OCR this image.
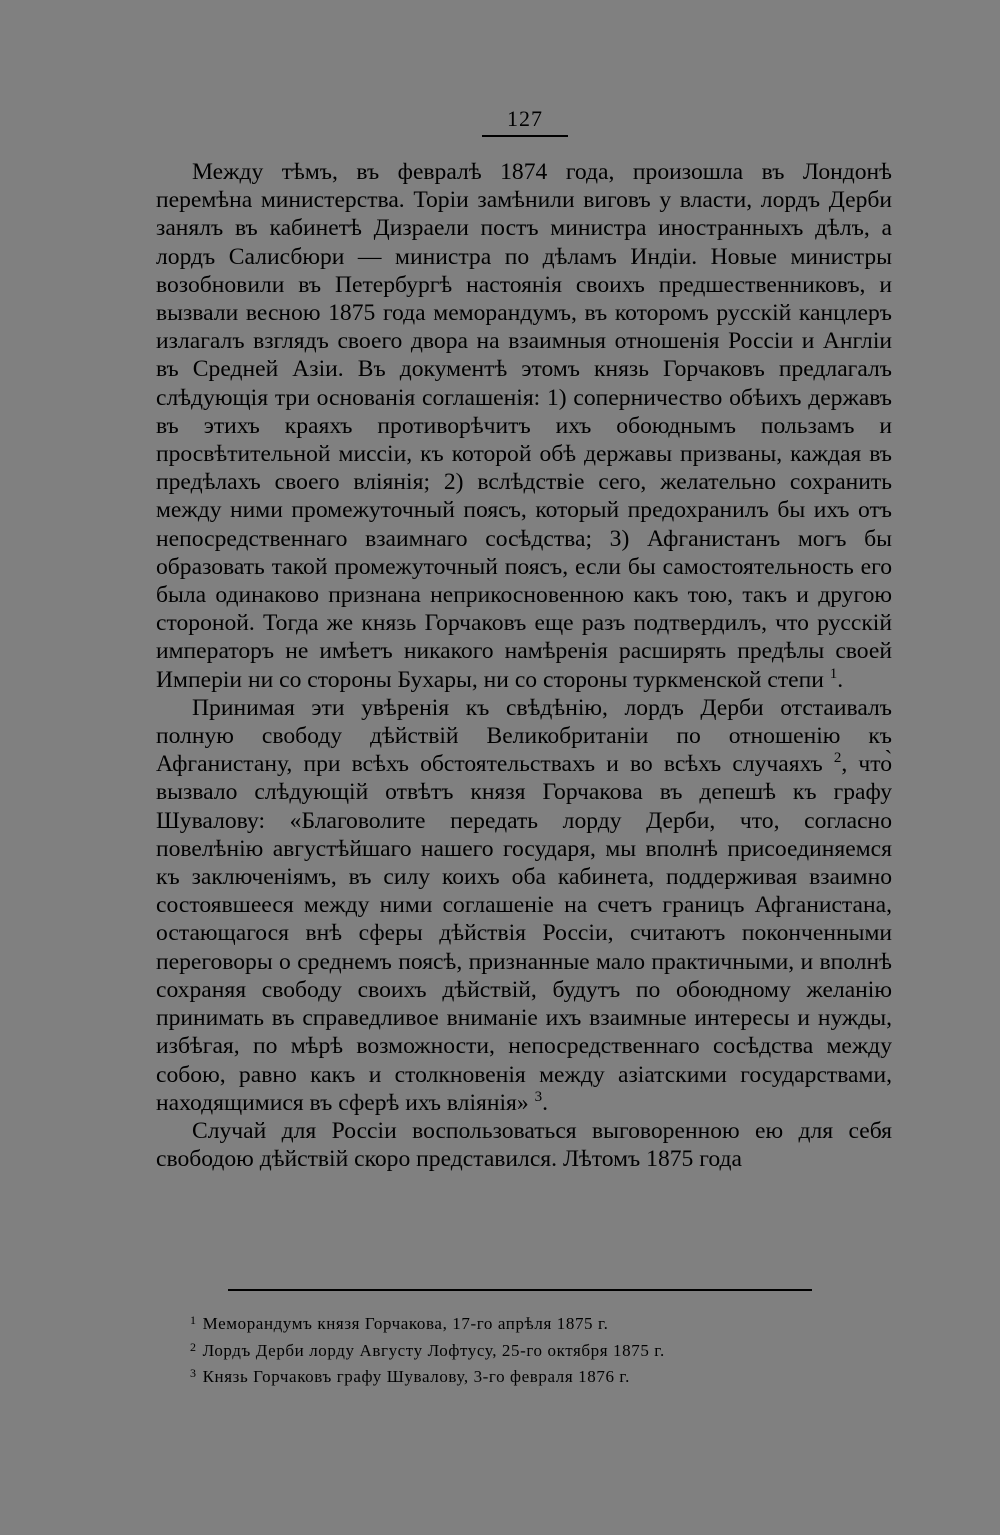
127

Между тѣмъ, въ февралѣ 1874 года, произошла въ Лондонѣ перемѣна министерства. Торіи замѣнили виговъ у власти, лордъ Дерби занялъ въ кабинетѣ Дизраели постъ министра иностранныхъ дѣлъ, а лордъ Салисбюри — министра по дѣламъ Индіи. Новые министры возобновили въ Петербургѣ настоянія своихъ предшественниковъ, и вызвали весною 1875 года меморандумъ, въ которомъ русскій канцлеръ излагалъ взглядъ своего двора на взаимныя отношенія Россіи и Англіи въ Средней Азіи. Въ документѣ этомъ князь Горчаковъ предлагалъ слѣдующія три основанія соглашенія: 1) соперничество обѣихъ державъ въ этихъ краяхъ противорѣчитъ ихъ обоюднымъ пользамъ и просвѣтительной миссіи, къ которой обѣ державы призваны, каждая въ предѣлахъ своего вліянія; 2) вслѣдствіе сего, желательно сохранить между ними промежуточный поясъ, который предохранилъ бы ихъ отъ непосредственнаго взаимнаго сосѣдства; 3) Афганистанъ могъ бы образовать такой промежуточный поясъ, если бы самостоятельность его была одинаково признана неприкосновенною какъ тою, такъ и другою стороной. Тогда же князь Горчаковъ еще разъ подтвердилъ, что русскій императоръ не имѣетъ никакого намѣренія расширять предѣлы своей Имперіи ни со стороны Бухары, ни со стороны туркменской степи $^1$.

Принимая эти увѣренія къ свѣдѣнію, лордъ Дерби отстаивалъ полную свободу дѣйствій Великобританіи по отношенію къ Афганистану, при всѣхъ обстоятельствахъ и во всѣхъ случаяхъ $^2$, что̀ вызвало слѣдующій отвѣтъ князя Горчакова въ депешѣ къ графу Шувалову: «Благоволите передать лорду Дерби, что, согласно повелѣнію августѣйшаго нашего государя, мы вполнѣ присоединяемся къ заключеніямъ, въ силу коихъ оба кабинета, поддерживая взаимно состоявшееся между ними соглашеніе на счетъ границъ Афганистана, остающагося внѣ сферы дѣйствія Россіи, считаютъ поконченными переговоры о среднемъ поясѣ, признанные мало практичными, и вполнѣ сохраняя свободу своихъ дѣйствій, будутъ по обоюдному желанію принимать въ справедливое вниманіе ихъ взаимные интересы и нужды, избѣгая, по мѣрѣ возможности, непосредственнаго сосѣдства между собою, равно какъ и столкновенія между азіатскими государствами, находящимися въ сферѣ ихъ вліянія» $^3$.

Случай для Россіи воспользоваться выговоренною ею для себя свободою дѣйствій скоро представился. Лѣтомъ 1875 года

$^1$ Меморандумъ князя Горчакова, 17-го апрѣля 1875 г.

$^2$ Лордъ Дерби лорду Августу Лофтусу, 25-го октября 1875 г.

$^3$ Князь Горчаковъ графу Шувалову, 3-го февраля 1876 г.
